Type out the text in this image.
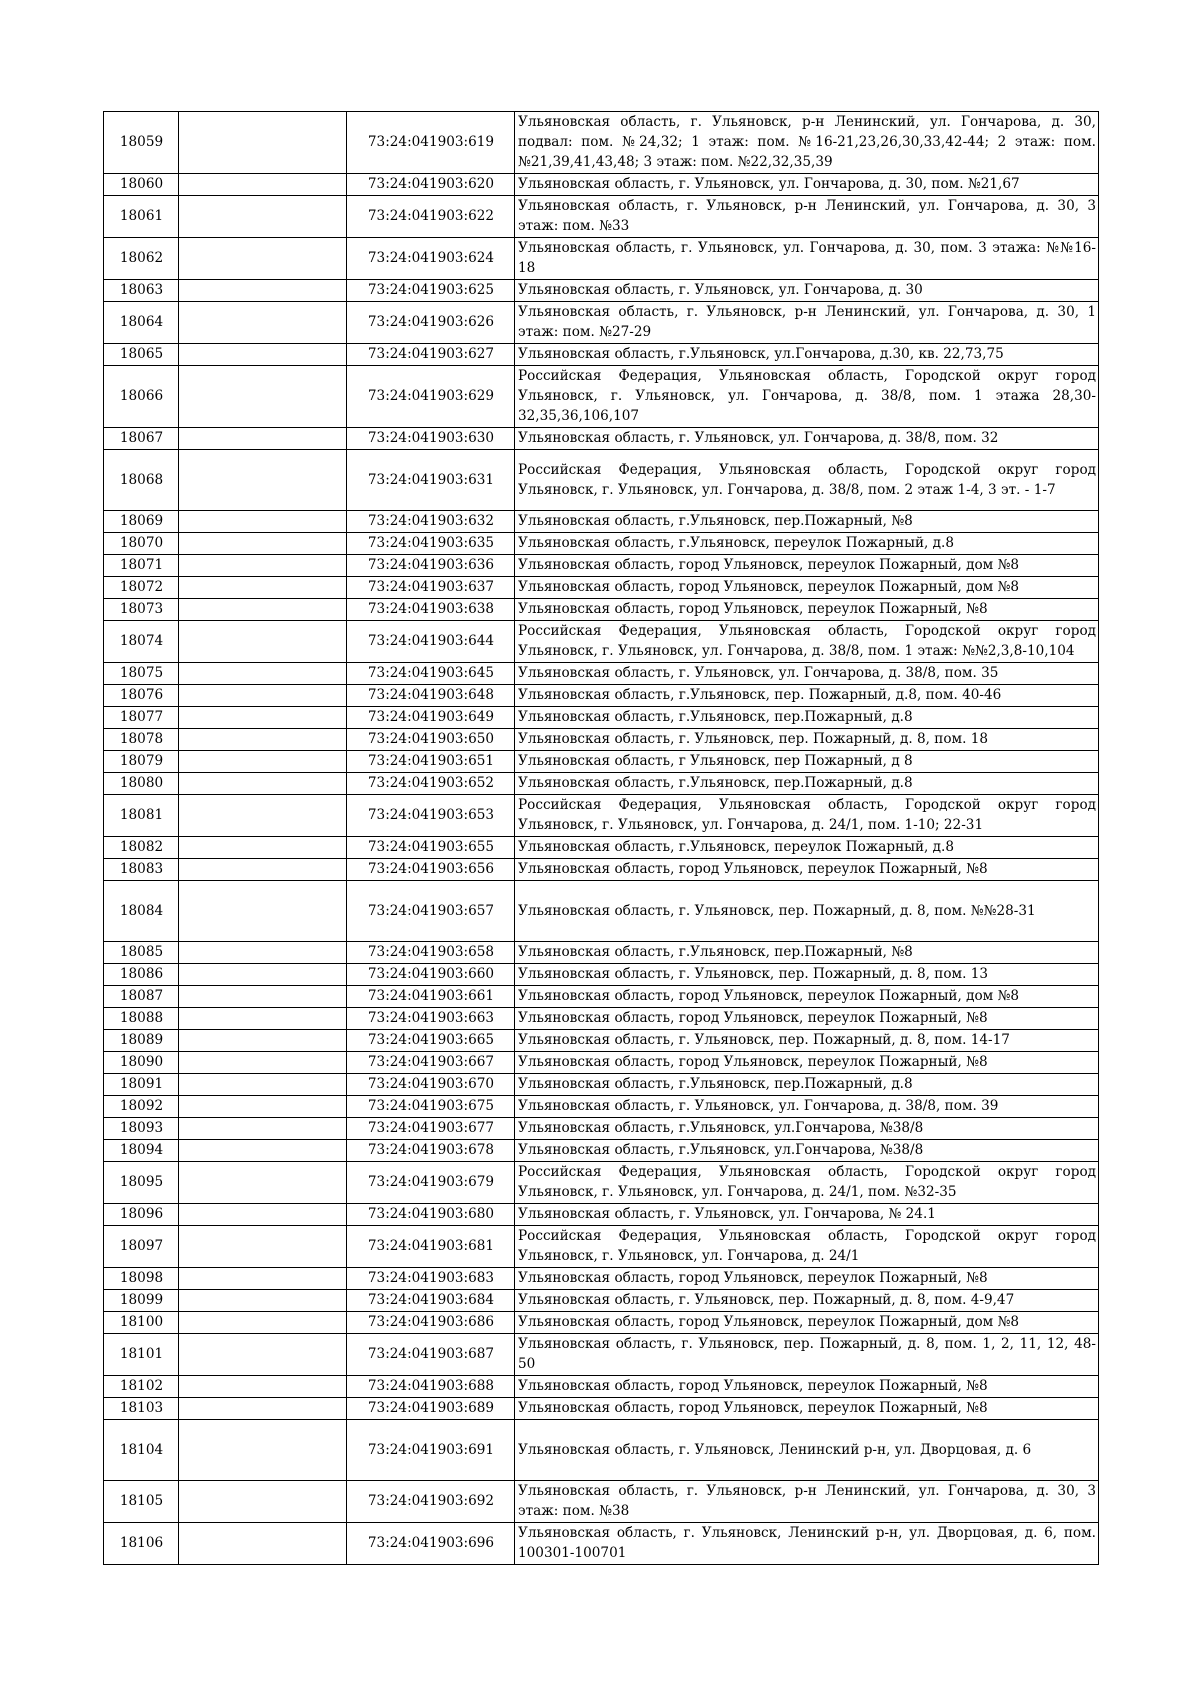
18059		73:24:041903:619	Ульяновская область, г. Ульяновск, р-н Ленинский, ул. Гончарова, д. 30, подвал: пом. №24,32; 1 этаж: пом. №16-21,23,26,30,33,42-44; 2 этаж: пом. №21,39,41,43,48; 3 этаж: пом. №22,32,35,39
18060		73:24:041903:620	Ульяновская область, г. Ульяновск, ул. Гончарова, д. 30, пом. №21,67
18061		73:24:041903:622	Ульяновская область, г. Ульяновск, р-н Ленинский, ул. Гончарова, д. 30, 3 этаж: пом. №33
18062		73:24:041903:624	Ульяновская область, г. Ульяновск, ул. Гончарова, д. 30, пом. 3 этажа: №№16-18
18063		73:24:041903:625	Ульяновская область, г. Ульяновск, ул. Гончарова, д. 30
18064		73:24:041903:626	Ульяновская область, г. Ульяновск, р-н Ленинский, ул. Гончарова, д. 30, 1 этаж: пом. №27-29
18065		73:24:041903:627	Ульяновская область, г.Ульяновск, ул.Гончарова, д.30, кв. 22,73,75
18066		73:24:041903:629	Российская Федерация, Ульяновская область, Городской округ город Ульяновск, г. Ульяновск, ул. Гончарова, д. 38/8, пом. 1 этажа 28,30-32,35,36,106,107
18067		73:24:041903:630	Ульяновская область, г. Ульяновск, ул. Гончарова, д. 38/8, пом. 32
18068		73:24:041903:631	Российская Федерация, Ульяновская область, Городской округ город Ульяновск, г. Ульяновск, ул. Гончарова, д. 38/8, пом. 2 этаж 1-4, 3 эт. - 1-7
18069		73:24:041903:632	Ульяновская область, г.Ульяновск, пер.Пожарный, №8
18070		73:24:041903:635	Ульяновская область, г.Ульяновск, переулок Пожарный, д.8
18071		73:24:041903:636	Ульяновская область, город Ульяновск, переулок Пожарный, дом №8
18072		73:24:041903:637	Ульяновская область, город Ульяновск, переулок Пожарный, дом №8
18073		73:24:041903:638	Ульяновская область, город Ульяновск, переулок Пожарный, №8
18074		73:24:041903:644	Российская Федерация, Ульяновская область, Городской округ город Ульяновск, г. Ульяновск, ул. Гончарова, д. 38/8, пом. 1 этаж: №№2,3,8-10,104
18075		73:24:041903:645	Ульяновская область, г. Ульяновск, ул. Гончарова, д. 38/8, пом. 35
18076		73:24:041903:648	Ульяновская область, г.Ульяновск, пер. Пожарный, д.8, пом. 40-46
18077		73:24:041903:649	Ульяновская область, г.Ульяновск, пер.Пожарный, д.8
18078		73:24:041903:650	Ульяновская область, г. Ульяновск, пер. Пожарный, д. 8, пом. 18
18079		73:24:041903:651	Ульяновская область, г Ульяновск, пер Пожарный, д 8
18080		73:24:041903:652	Ульяновская область, г.Ульяновск, пер.Пожарный, д.8
18081		73:24:041903:653	Российская Федерация, Ульяновская область, Городской округ город Ульяновск, г. Ульяновск, ул. Гончарова, д. 24/1, пом. 1-10; 22-31
18082		73:24:041903:655	Ульяновская область, г.Ульяновск, переулок Пожарный, д.8
18083		73:24:041903:656	Ульяновская область, город Ульяновск, переулок Пожарный, №8
18084		73:24:041903:657	Ульяновская область, г. Ульяновск, пер. Пожарный, д. 8, пом. №№28-31
18085		73:24:041903:658	Ульяновская область, г.Ульяновск, пер.Пожарный, №8
18086		73:24:041903:660	Ульяновская область, г. Ульяновск, пер. Пожарный, д. 8, пом. 13
18087		73:24:041903:661	Ульяновская область, город Ульяновск, переулок Пожарный, дом №8
18088		73:24:041903:663	Ульяновская область, город Ульяновск, переулок Пожарный, №8
18089		73:24:041903:665	Ульяновская область, г. Ульяновск, пер. Пожарный, д. 8, пом. 14-17
18090		73:24:041903:667	Ульяновская область, город Ульяновск, переулок Пожарный, №8
18091		73:24:041903:670	Ульяновская область, г.Ульяновск, пер.Пожарный, д.8
18092		73:24:041903:675	Ульяновская область, г. Ульяновск, ул. Гончарова, д. 38/8, пом. 39
18093		73:24:041903:677	Ульяновская область, г.Ульяновск, ул.Гончарова, №38/8
18094		73:24:041903:678	Ульяновская область, г.Ульяновск, ул.Гончарова, №38/8
18095		73:24:041903:679	Российская Федерация, Ульяновская область, Городской округ город Ульяновск, г. Ульяновск, ул. Гончарова, д. 24/1, пом. №32-35
18096		73:24:041903:680	Ульяновская область, г. Ульяновск, ул. Гончарова, № 24.1
18097		73:24:041903:681	Российская Федерация, Ульяновская область, Городской округ город Ульяновск, г. Ульяновск, ул. Гончарова, д. 24/1
18098		73:24:041903:683	Ульяновская область, город Ульяновск, переулок Пожарный, №8
18099		73:24:041903:684	Ульяновская область, г. Ульяновск, пер. Пожарный, д. 8, пом. 4-9,47
18100		73:24:041903:686	Ульяновская область, город Ульяновск, переулок Пожарный, дом №8
18101		73:24:041903:687	Ульяновская область, г. Ульяновск, пер. Пожарный, д. 8, пом. 1, 2, 11, 12, 48-50
18102		73:24:041903:688	Ульяновская область, город Ульяновск, переулок Пожарный, №8
18103		73:24:041903:689	Ульяновская область, город Ульяновск, переулок Пожарный, №8
18104		73:24:041903:691	Ульяновская область, г. Ульяновск, Ленинский р-н, ул. Дворцовая, д. 6
18105		73:24:041903:692	Ульяновская область, г. Ульяновск, р-н Ленинский, ул. Гончарова, д. 30, 3 этаж: пом. №38
18106		73:24:041903:696	Ульяновская область, г. Ульяновск, Ленинский р-н, ул. Дворцовая, д. 6, пом. 100301-100701
